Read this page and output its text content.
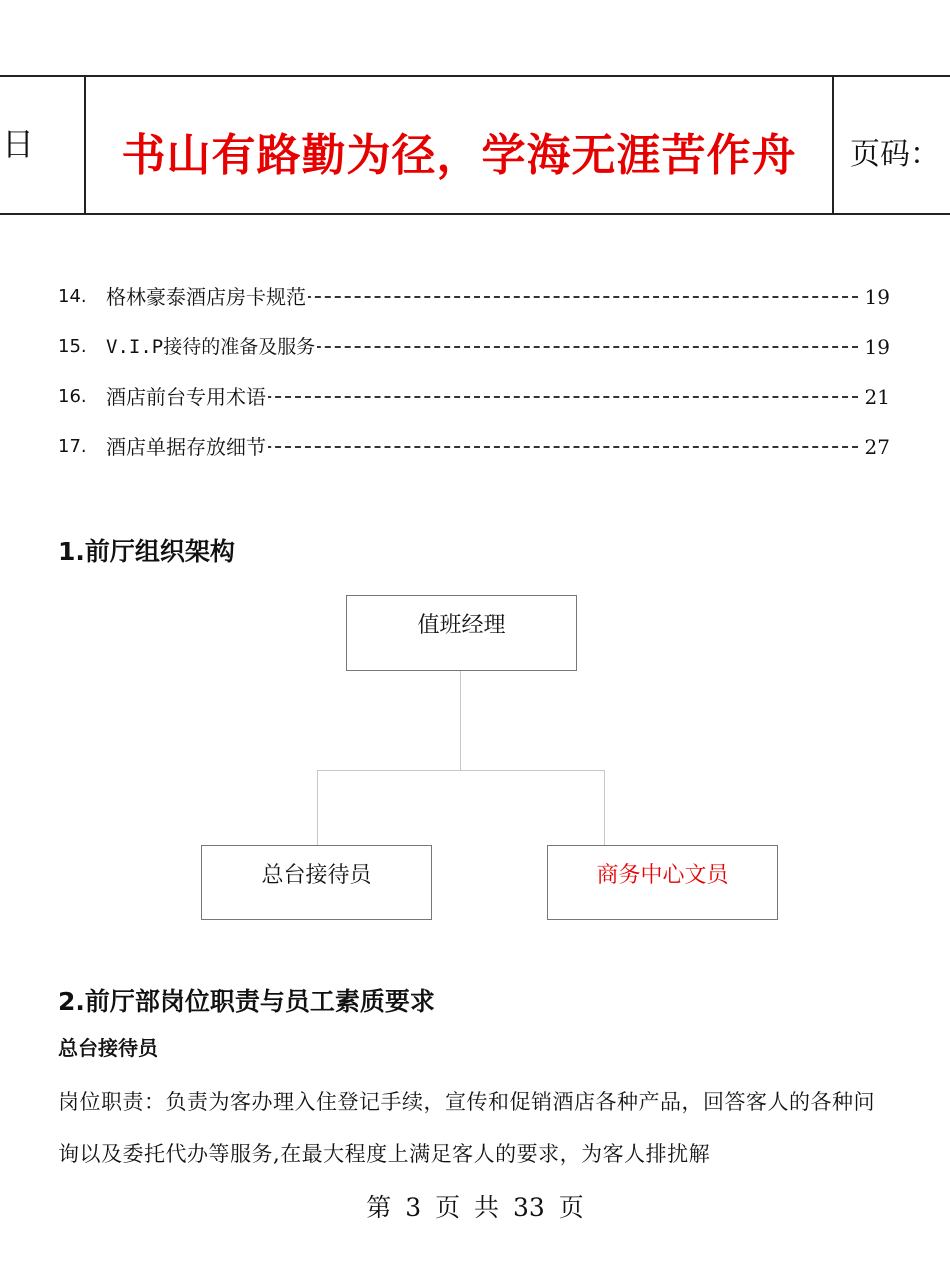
日	书山有路勤为径，学海无涯苦作舟	页码：
14. 格林豪泰酒店房卡规范	19
15.	V.I.P接待的准备及服务	19
16. 酒店前台专用术语	21
17. 酒店单据存放细节	27
1.前厅组织架构
值班经理
总台接待员	商务中心文员
2.前厅部岗位职责与员工素质要求
总台接待员
岗位职责：负责为客办理入住登记手续，宣传和促销酒店各种产品，回答客人的各种问询以及委托代办等服务,在最大程度上满足客人的要求，为客人排扰解
第 3 页 共 33 页
